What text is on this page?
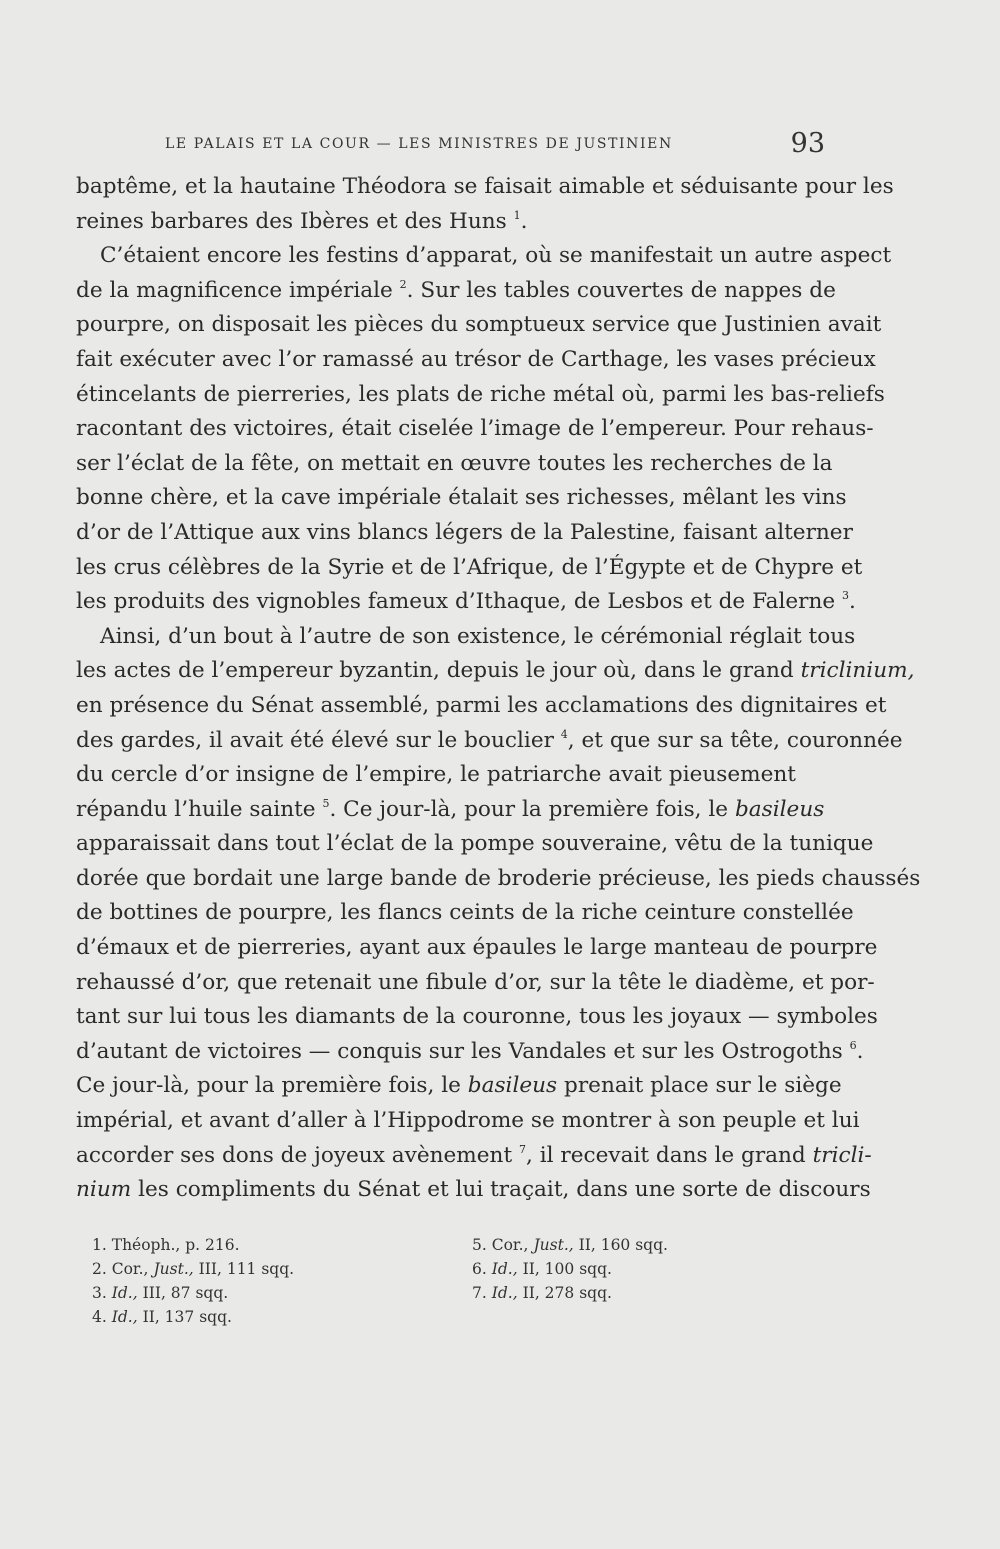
LE PALAIS ET LA COUR — LES MINISTRES DE JUSTINIEN	93
baptême, et la hautaine Théodora se faisait aimable et séduisante pour les
reines barbares des Ibères et des Huns $^1$.
C’étaient encore les festins d’apparat, où se manifestait un autre aspect
de la magnificence impériale $^2$. Sur les tables couvertes de nappes de
pourpre, on disposait les pièces du somptueux service que Justinien avait
fait exécuter avec l’or ramassé au trésor de Carthage, les vases précieux
étincelants de pierreries, les plats de riche métal où, parmi les bas-reliefs
racontant des victoires, était ciselée l’image de l’empereur. Pour rehaus-
ser l’éclat de la fête, on mettait en œuvre toutes les recherches de la
bonne chère, et la cave impériale étalait ses richesses, mêlant les vins
d’or de l’Attique aux vins blancs légers de la Palestine, faisant alterner
les crus célèbres de la Syrie et de l’Afrique, de l’Égypte et de Chypre et
les produits des vignobles fameux d’Ithaque, de Lesbos et de Falerne $^3$.
Ainsi, d’un bout à l’autre de son existence, le cérémonial réglait tous
les actes de l’empereur byzantin, depuis le jour où, dans le grand triclinium,
en présence du Sénat assemblé, parmi les acclamations des dignitaires et
des gardes, il avait été élevé sur le bouclier $^4$, et que sur sa tête, couronnée
du cercle d’or insigne de l’empire, le patriarche avait pieusement
répandu l’huile sainte $^5$. Ce jour-là, pour la première fois, le basileus
apparaissait dans tout l’éclat de la pompe souveraine, vêtu de la tunique
dorée que bordait une large bande de broderie précieuse, les pieds chaussés
de bottines de pourpre, les flancs ceints de la riche ceinture constellée
d’émaux et de pierreries, ayant aux épaules le large manteau de pourpre
rehaussé d’or, que retenait une fibule d’or, sur la tête le diadème, et por-
tant sur lui tous les diamants de la couronne, tous les joyaux — symboles
d’autant de victoires — conquis sur les Vandales et sur les Ostrogoths $^6$.
Ce jour-là, pour la première fois, le basileus prenait place sur le siège
impérial, et avant d’aller à l’Hippodrome se montrer à son peuple et lui
accorder ses dons de joyeux avènement $^7$, il recevait dans le grand tricli-
nium les compliments du Sénat et lui traçait, dans une sorte de discours
1. Théoph., p. 216.
2. Cor., Just., III, 111 sqq.
3. Id., III, 87 sqq.
4. Id., II, 137 sqq.
5. Cor., Just., II, 160 sqq.
6. Id., II, 100 sqq.
7. Id., II, 278 sqq.
